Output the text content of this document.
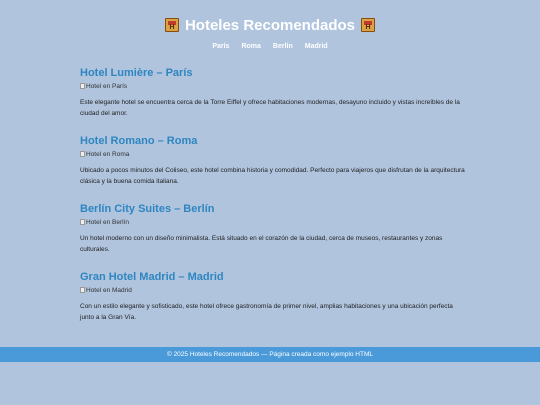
H
Hoteles Recomendados
H
París Roma Berlín Madrid
Hotel Lumière – París
Hotel en París

Este elegante hotel se encuentra cerca de la Torre Eiffel y ofrece habitaciones modernas, desayuno incluido y vistas increíbles de la ciudad del amor.

Hotel Romano – Roma
Hotel en Roma

Ubicado a pocos minutos del Coliseo, este hotel combina historia y comodidad. Perfecto para viajeros que disfrutan de la arquitectura clásica y la buena comida italiana.

Berlín City Suites – Berlín
Hotel en Berlín

Un hotel moderno con un diseño minimalista. Está situado en el corazón de la ciudad, cerca de museos, restaurantes y zonas culturales.

Gran Hotel Madrid – Madrid
Hotel en Madrid

Con un estilo elegante y sofisticado, este hotel ofrece gastronomía de primer nivel, amplias habitaciones y una ubicación perfecta junto a la Gran Vía.

© 2025 Hoteles Recomendados — Página creada como ejemplo HTML
